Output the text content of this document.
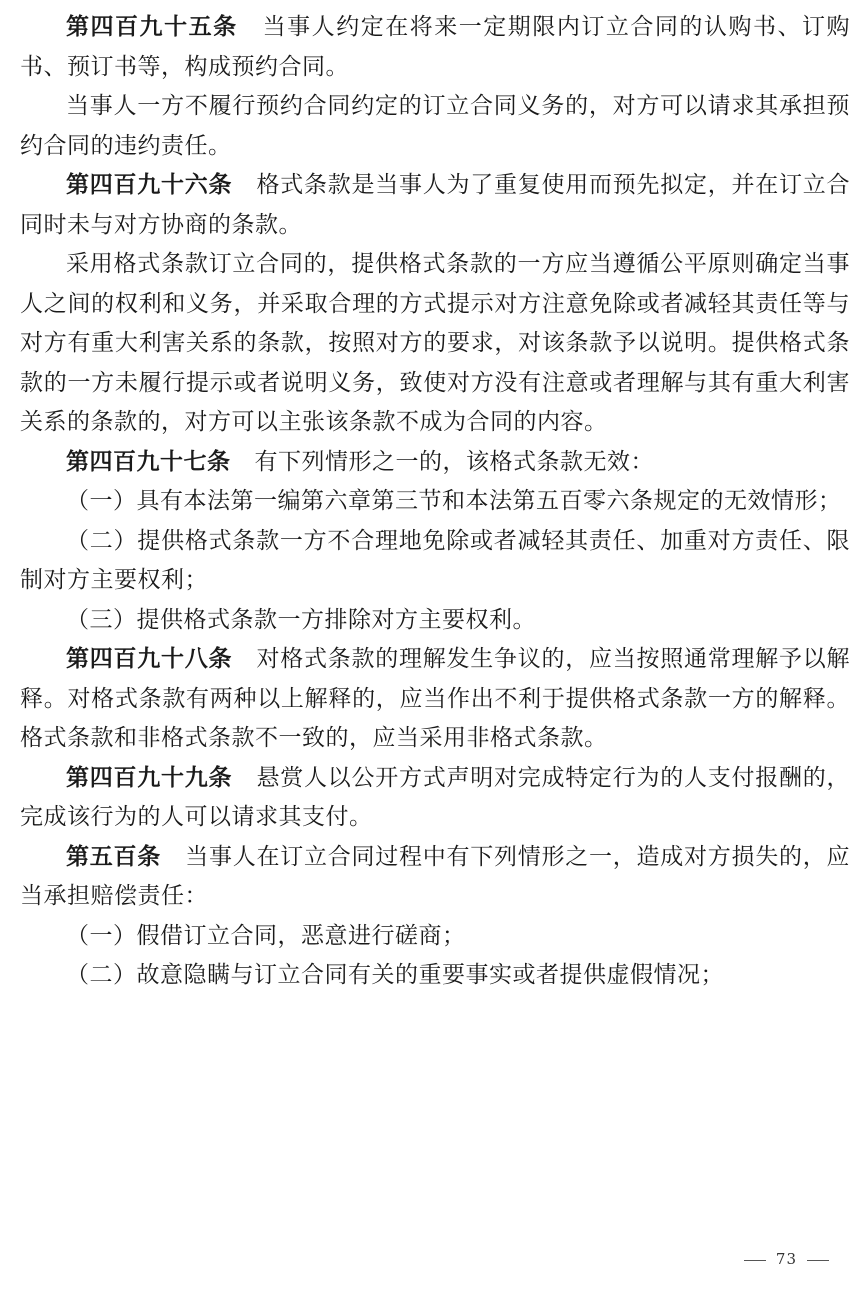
第四百九十五条 当事人约定在将来一定期限内订立合同的认购书、订购书、预订书等，构成预约合同。

当事人一方不履行预约合同约定的订立合同义务的，对方可以请求其承担预约合同的违约责任。

第四百九十六条 格式条款是当事人为了重复使用而预先拟定，并在订立合同时未与对方协商的条款。

采用格式条款订立合同的，提供格式条款的一方应当遵循公平原则确定当事人之间的权利和义务，并采取合理的方式提示对方注意免除或者减轻其责任等与对方有重大利害关系的条款，按照对方的要求，对该条款予以说明。提供格式条款的一方未履行提示或者说明义务，致使对方没有注意或者理解与其有重大利害关系的条款的，对方可以主张该条款不成为合同的内容。

第四百九十七条 有下列情形之一的，该格式条款无效：

（一）具有本法第一编第六章第三节和本法第五百零六条规定的无效情形；

（二）提供格式条款一方不合理地免除或者减轻其责任、加重对方责任、限制对方主要权利；

（三）提供格式条款一方排除对方主要权利。

第四百九十八条 对格式条款的理解发生争议的，应当按照通常理解予以解释。对格式条款有两种以上解释的，应当作出不利于提供格式条款一方的解释。格式条款和非格式条款不一致的，应当采用非格式条款。

第四百九十九条 悬赏人以公开方式声明对完成特定行为的人支付报酬的，完成该行为的人可以请求其支付。

第五百条 当事人在订立合同过程中有下列情形之一，造成对方损失的，应当承担赔偿责任：

（一）假借订立合同，恶意进行磋商；

（二）故意隐瞒与订立合同有关的重要事实或者提供虚假情况；

73
